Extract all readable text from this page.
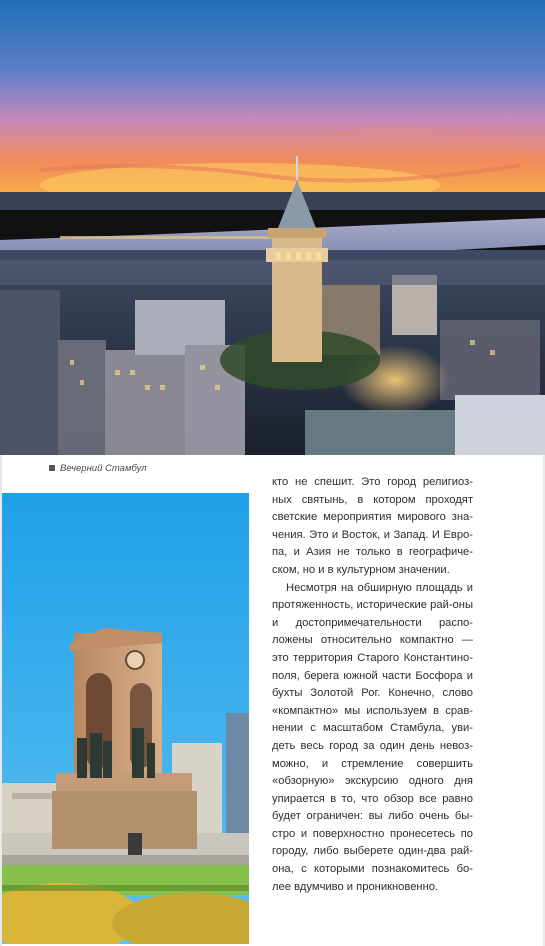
Вечерний Стамбул

кто не спешит. Это город религиоз-ных святынь, в котором проходят светские мероприятия мирового зна-чения. Это и Восток, и Запад. И Евро-па, и Азия не только в географиче-ском, но и в культурном значении.

Несмотря на обширную площадь и протяженность, исторические рай-оны и достопримечательности распо-ложены относительно компактно — это территория Старого Константино-поля, берега южной части Босфора и бухты Золотой Рог. Конечно, слово «компактно» мы используем в срав-нении с масштабом Стамбула, уви-деть весь город за один день невоз-можно, и стремление совершить «обзорную» экскурсию одного дня упирается в то, что обзор все равно будет ограничен: вы либо очень бы-стро и поверхностно пронесетесь по городу, либо выберете один-два рай-она, с которыми познакомитесь бо-лее вдумчиво и проникновенно.
